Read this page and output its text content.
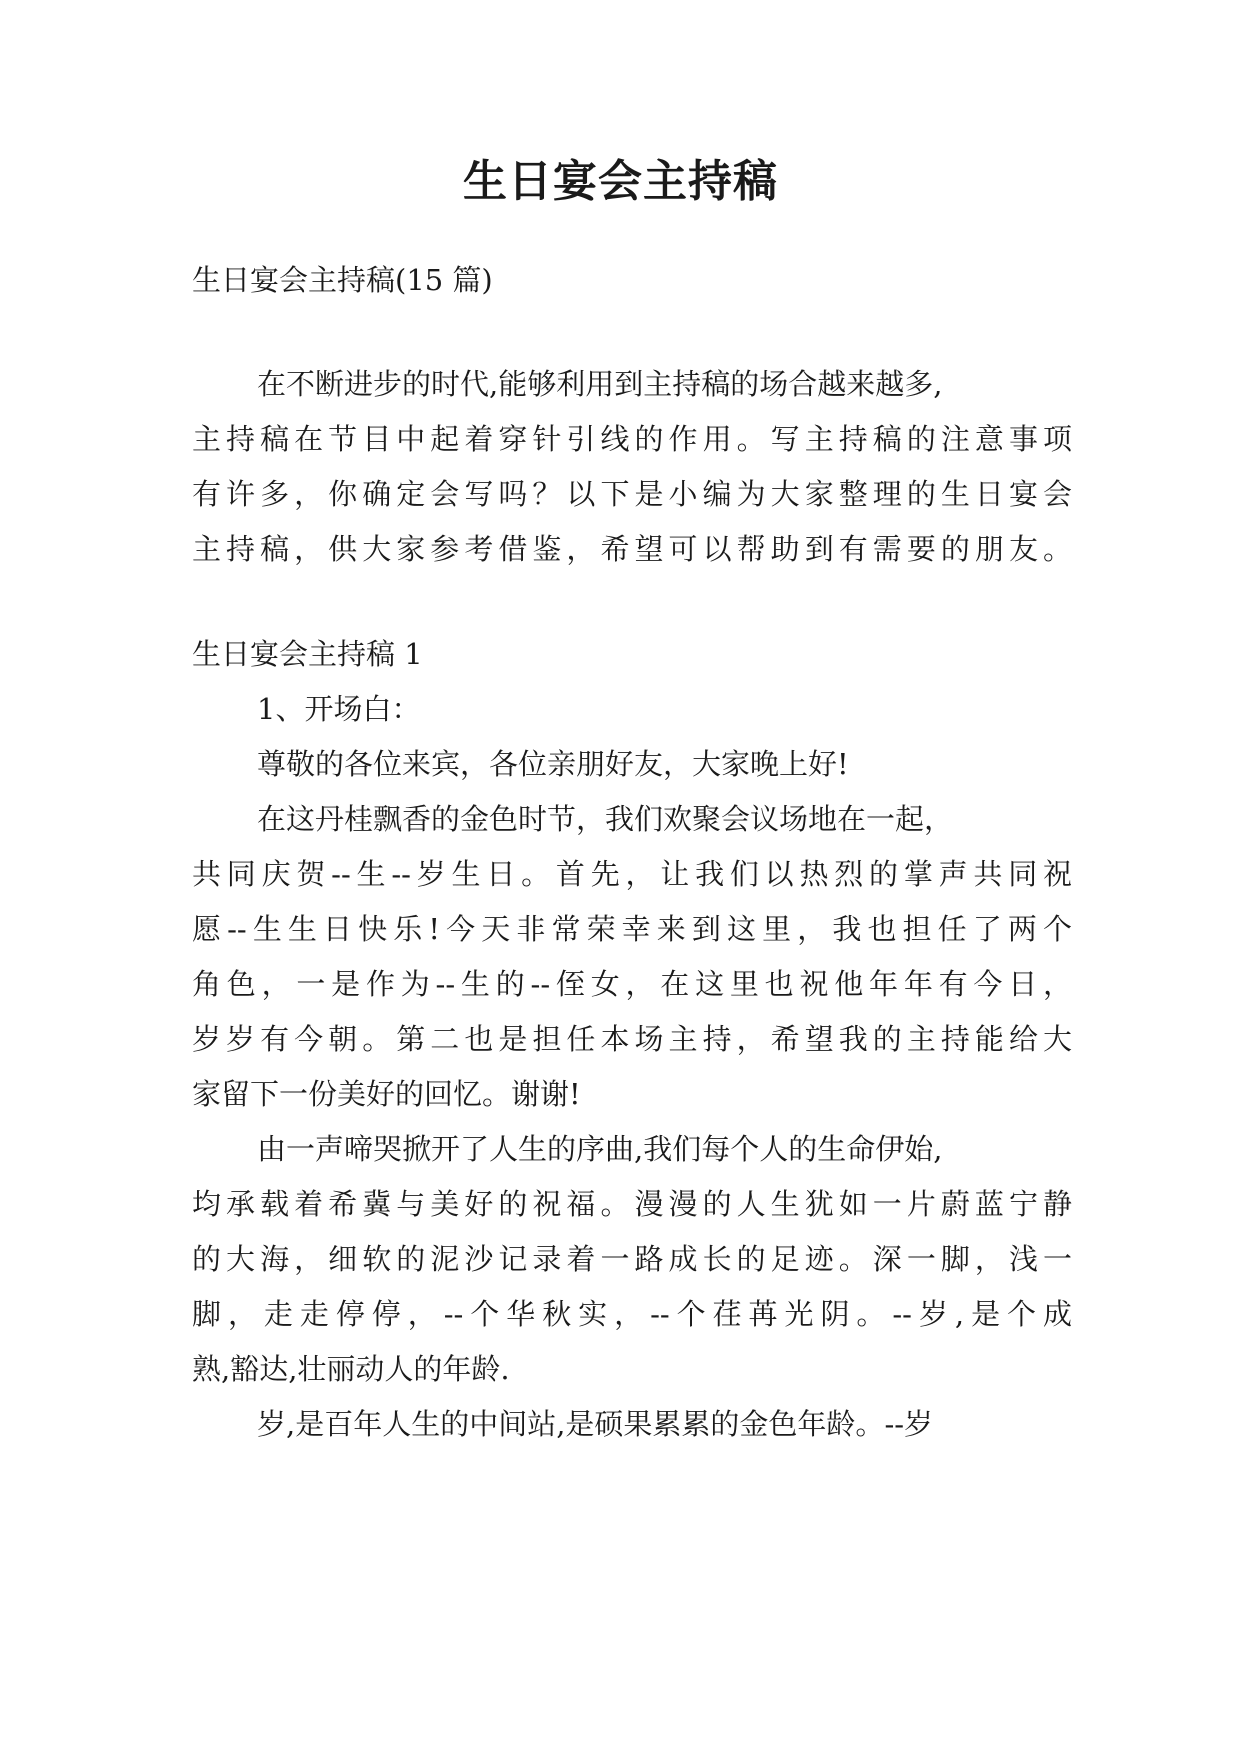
生日宴会主持稿
生日宴会主持稿(15 篇)
在不断进步的时代,能够利用到主持稿的场合越来越多,
主持稿在节目中起着穿针引线的作用。写主持稿的注意事项
有许多，你确定会写吗？以下是小编为大家整理的生日宴会
主持稿，供大家参考借鉴，希望可以帮助到有需要的朋友。
生日宴会主持稿 1
1、开场白：
尊敬的各位来宾，各位亲朋好友，大家晚上好!
在这丹桂飘香的金色时节，我们欢聚会议场地在一起，
共同庆贺--生--岁生日。首先，让我们以热烈的掌声共同祝
愿--生生日快乐!今天非常荣幸来到这里，我也担任了两个
角色，一是作为--生的--侄女，在这里也祝他年年有今日，
岁岁有今朝。第二也是担任本场主持，希望我的主持能给大
家留下一份美好的回忆。谢谢!
由一声啼哭掀开了人生的序曲,我们每个人的生命伊始,
均承载着希冀与美好的祝福。漫漫的人生犹如一片蔚蓝宁静
的大海，细软的泥沙记录着一路成长的足迹。深一脚，浅一
脚，走走停停，--个华秋实，--个荏苒光阴。--岁,是个成
熟,豁达,壮丽动人的年龄.
岁,是百年人生的中间站,是硕果累累的金色年龄。--岁
